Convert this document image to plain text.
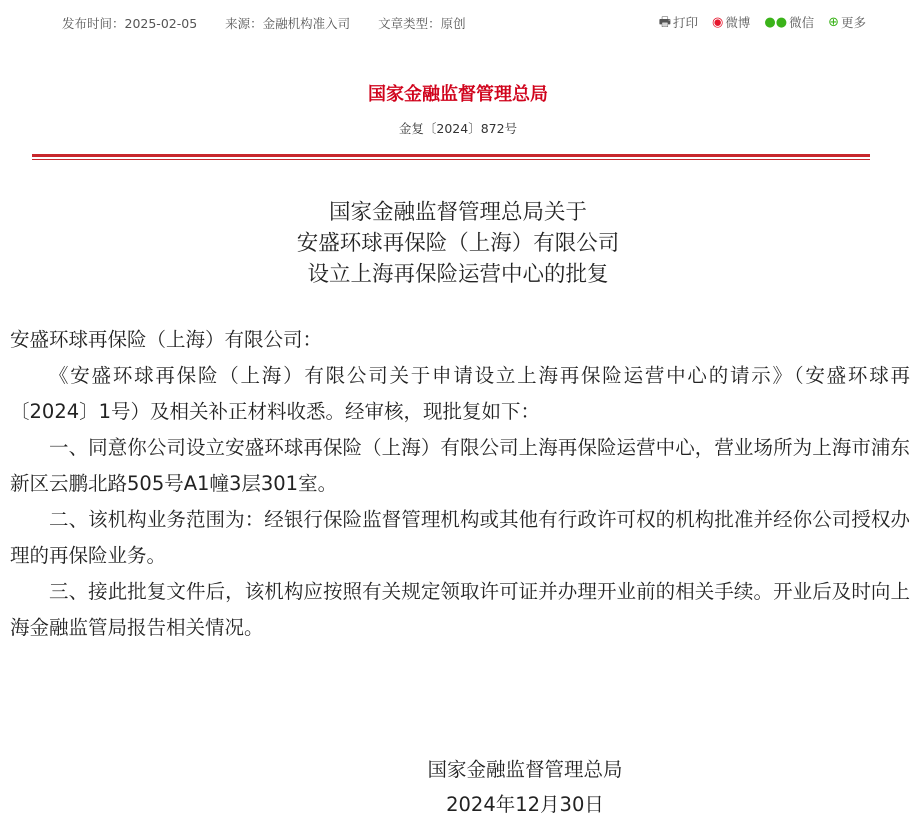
发布时间：2025-02-05 来源：金融机构准入司 文章类型：原创	🖶 打印 ◉ 微博 ●● 微信 ⊕ 更多
国家金融监督管理总局
金复〔2024〕872号
国家金融监督管理总局关于
安盛环球再保险（上海）有限公司
设立上海再保险运营中心的批复

安盛环球再保险（上海）有限公司：

《安盛环球再保险（上海）有限公司关于申请设立上海再保险运营中心的请示》（安盛环球再〔2024〕1号）及相关补正材料收悉。经审核，现批复如下：

一、同意你公司设立安盛环球再保险（上海）有限公司上海再保险运营中心，营业场所为上海市浦东新区云鹏北路505号A1幢3层301室。

二、该机构业务范围为：经银行保险监督管理机构或其他有行政许可权的机构批准并经你公司授权办理的再保险业务。

三、接此批复文件后，该机构应按照有关规定领取许可证并办理开业前的相关手续。开业后及时向上海金融监管局报告相关情况。

国家金融监督管理总局
2024年12月30日
